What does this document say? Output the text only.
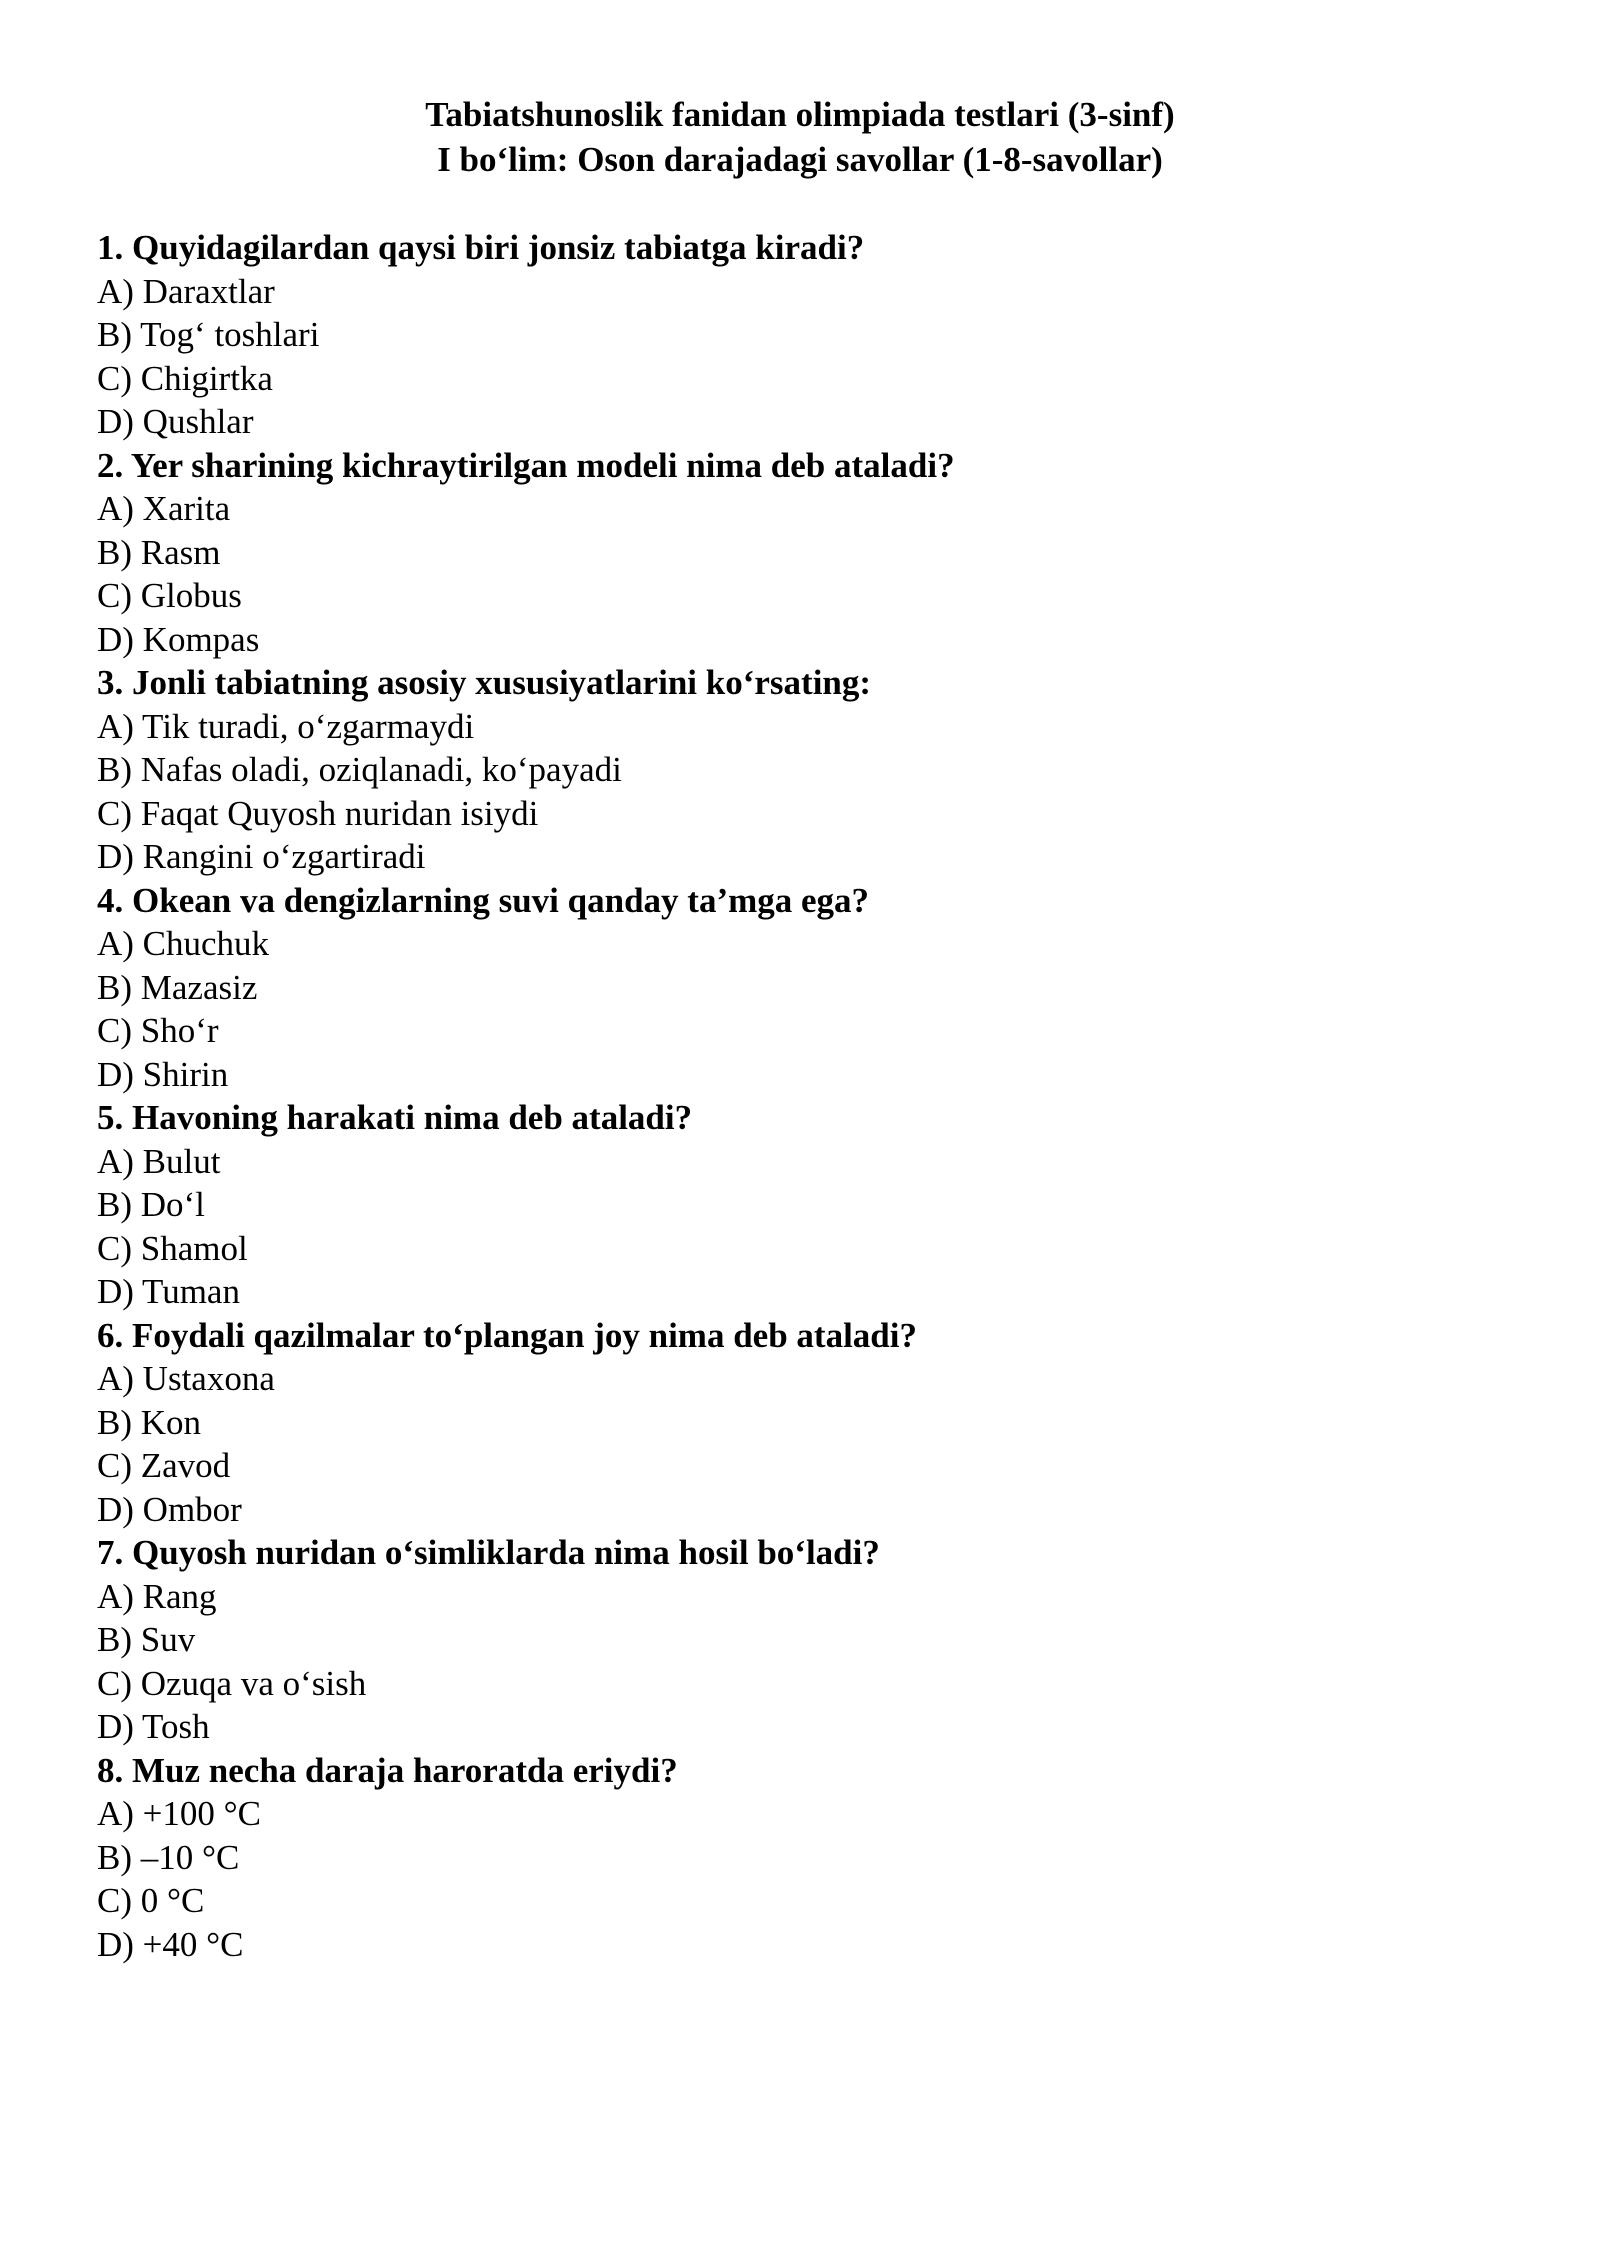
Tabiatshunoslik fanidan olimpiada testlari (3-sinf)
I bo‘lim: Oson darajadagi savollar (1-8-savollar)
1. Quyidagilardan qaysi biri jonsiz tabiatga kiradi?
A) Daraxtlar
B) Tog‘ toshlari
C) Chigirtka
D) Qushlar
2. Yer sharining kichraytirilgan modeli nima deb ataladi?
A) Xarita
B) Rasm
C) Globus
D) Kompas
3. Jonli tabiatning asosiy xususiyatlarini ko‘rsating:
A) Tik turadi, o‘zgarmaydi
B) Nafas oladi, oziqlanadi, ko‘payadi
C) Faqat Quyosh nuridan isiydi
D) Rangini o‘zgartiradi
4. Okean va dengizlarning suvi qanday ta’mga ega?
A) Chuchuk
B) Mazasiz
C) Sho‘r
D) Shirin
5. Havoning harakati nima deb ataladi?
A) Bulut
B) Do‘l
C) Shamol
D) Tuman
6. Foydali qazilmalar to‘plangan joy nima deb ataladi?
A) Ustaxona
B) Kon
C) Zavod
D) Ombor
7. Quyosh nuridan o‘simliklarda nima hosil bo‘ladi?
A) Rang
B) Suv
C) Ozuqa va o‘sish
D) Tosh
8. Muz necha daraja haroratda eriydi?
A) +100 °C
B) –10 °C
C) 0 °C
D) +40 °C
